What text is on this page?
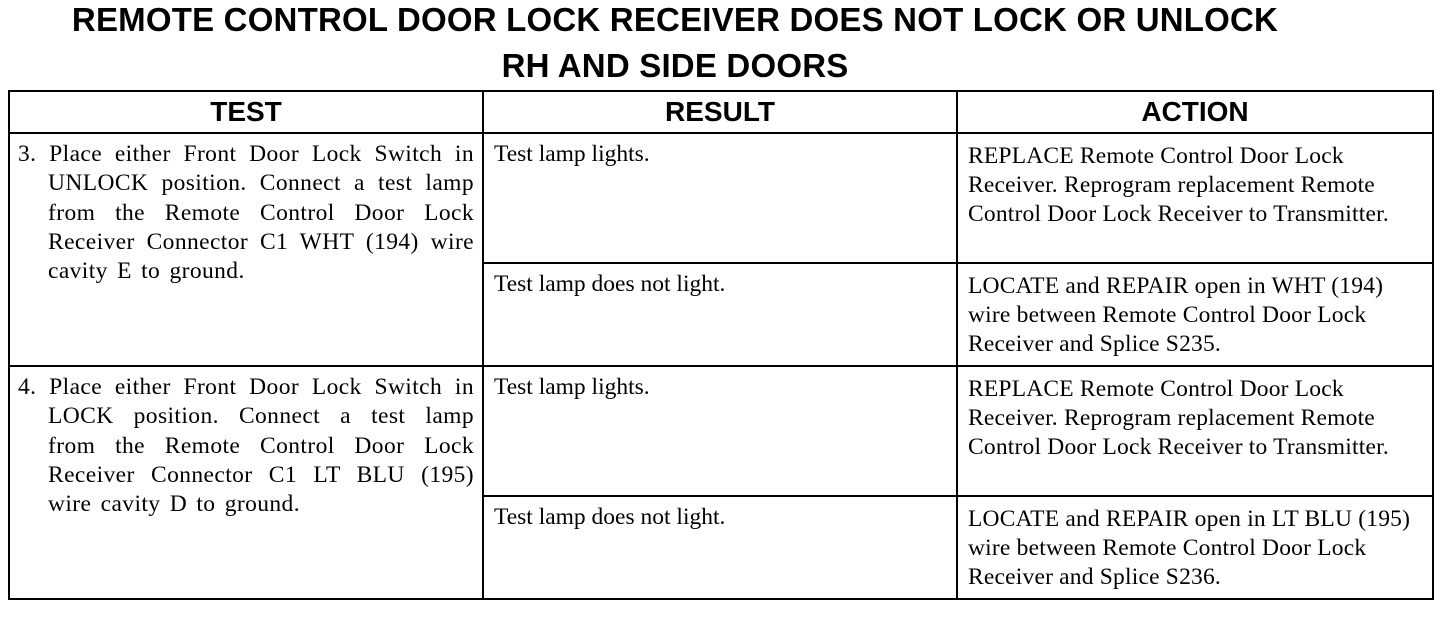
REMOTE CONTROL DOOR LOCK RECEIVER DOES NOT LOCK OR UNLOCK
RH AND SIDE DOORS
TEST	RESULT	ACTION
3. Place either Front Door Lock Switch in UNLOCK position. Connect a test lamp from the Remote Control Door Lock Receiver Connector C1 WHT (194) wire cavity E to ground.	Test lamp lights.	REPLACE Remote Control Door Lock Receiver. Reprogram replacement Remote Control Door Lock Receiver to Transmitter.
	Test lamp does not light.	LOCATE and REPAIR open in WHT (194) wire between Remote Control Door Lock Receiver and Splice S235.
4. Place either Front Door Lock Switch in LOCK position. Connect a test lamp from the Remote Control Door Lock Receiver Connector C1 LT BLU (195) wire cavity D to ground.	Test lamp lights.	REPLACE Remote Control Door Lock Receiver. Reprogram replacement Remote Control Door Lock Receiver to Transmitter.
	Test lamp does not light.	LOCATE and REPAIR open in LT BLU (195) wire between Remote Control Door Lock Receiver and Splice S236.
